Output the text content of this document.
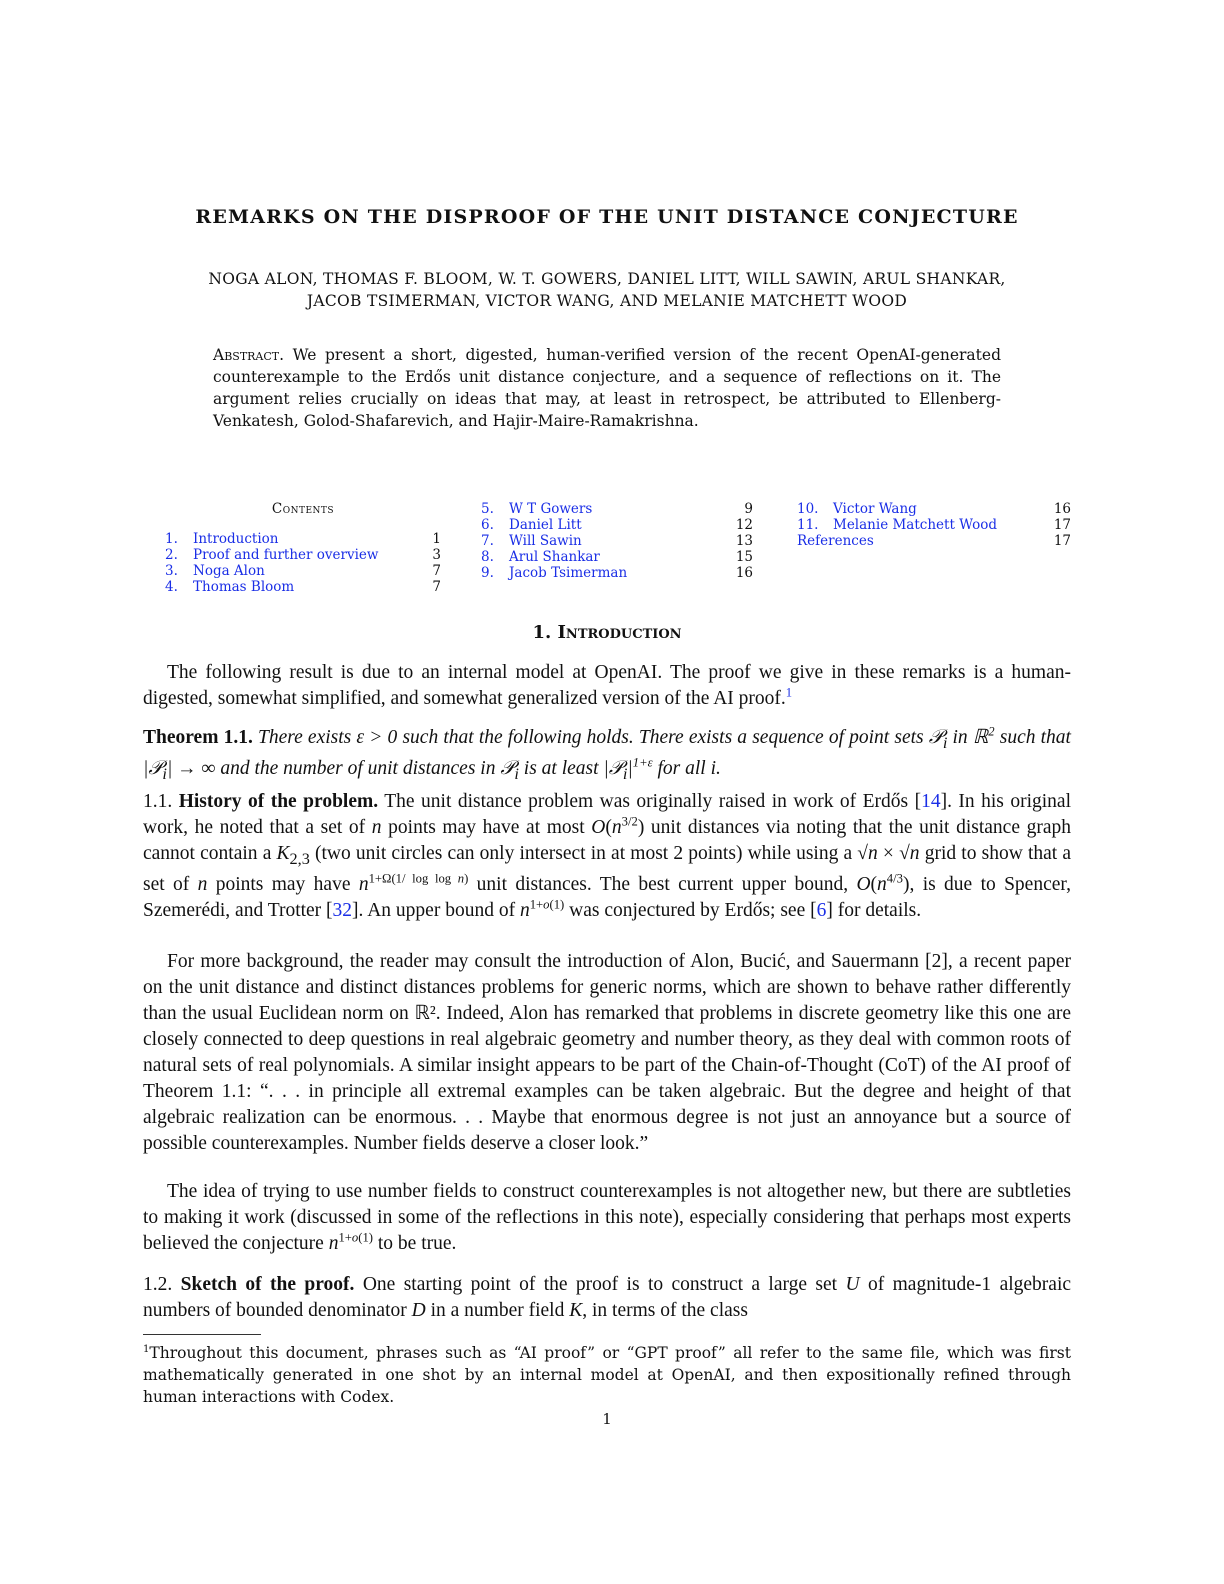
REMARKS ON THE DISPROOF OF THE UNIT DISTANCE CONJECTURE
NOGA ALON, THOMAS F. BLOOM, W. T. GOWERS, DANIEL LITT, WILL SAWIN, ARUL SHANKAR,
JACOB TSIMERMAN, VICTOR WANG, AND MELANIE MATCHETT WOOD

Abstract. We present a short, digested, human-verified version of the recent OpenAI-generated counterexample to the Erdős unit distance conjecture, and a sequence of reflections on it. The argument relies crucially on ideas that may, at least in retrospect, be attributed to Ellenberg-Venkatesh, Golod-Shafarevich, and Hajir-Maire-Ramakrishna.

Contents
1.	Introduction	1
2.	Proof and further overview	3
3.	Noga Alon	7
4.	Thomas Bloom	7
5.	W T Gowers	9
6.	Daniel Litt	12
7.	Will Sawin	13
8.	Arul Shankar	15
9.	Jacob Tsimerman	16
10.	Victor Wang	16
11.	Melanie Matchett Wood	17
References	17
1. Introduction

The following result is due to an internal model at OpenAI. The proof we give in these remarks is a human-digested, somewhat simplified, and somewhat generalized version of the AI proof.$^1$

Theorem 1.1. There exists ε > 0 such that the following holds. There exists a sequence of point sets 𝒫$_i$ in ℝ$^2$ such that |𝒫$_i$| → ∞ and the number of unit distances in 𝒫$_i$ is at least $|𝒫_i|^{1+\varepsilon}$ for all i.

1.1. History of the problem. The unit distance problem was originally raised in work of Erdős [14]. In his original work, he noted that a set of n points may have at most $O(n^{3/2})$ unit distances via noting that the unit distance graph cannot contain a $K_{2,3}$ (two unit circles can only intersect in at most 2 points) while using a √n × √n grid to show that a set of n points may have $n^{1+\Omega(1/ log log n)}$ unit distances. The best current upper bound, $O(n^{4/3})$, is due to Spencer, Szemerédi, and Trotter [32]. An upper bound of $n^{1+o(1)}$ was conjectured by Erdős; see [6] for details.

For more background, the reader may consult the introduction of Alon, Bucić, and Sauermann [2], a recent paper on the unit distance and distinct distances problems for generic norms, which are shown to behave rather differently than the usual Euclidean norm on ℝ². Indeed, Alon has remarked that problems in discrete geometry like this one are closely connected to deep questions in real algebraic geometry and number theory, as they deal with common roots of natural sets of real polynomials. A similar insight appears to be part of the Chain-of-Thought (CoT) of the AI proof of Theorem 1.1: “. . . in principle all extremal examples can be taken algebraic. But the degree and height of that algebraic realization can be enormous. . . Maybe that enormous degree is not just an annoyance but a source of possible counterexamples. Number fields deserve a closer look.”

The idea of trying to use number fields to construct counterexamples is not altogether new, but there are subtleties to making it work (discussed in some of the reflections in this note), especially considering that perhaps most experts believed the conjecture $n^{1+o(1)}$ to be true.

1.2. Sketch of the proof. One starting point of the proof is to construct a large set U of magnitude-1 algebraic numbers of bounded denominator D in a number field K, in terms of the class

$^1$Throughout this document, phrases such as “AI proof” or “GPT proof” all refer to the same file, which was first mathematically generated in one shot by an internal model at OpenAI, and then expositionally refined through human interactions with Codex.

1
